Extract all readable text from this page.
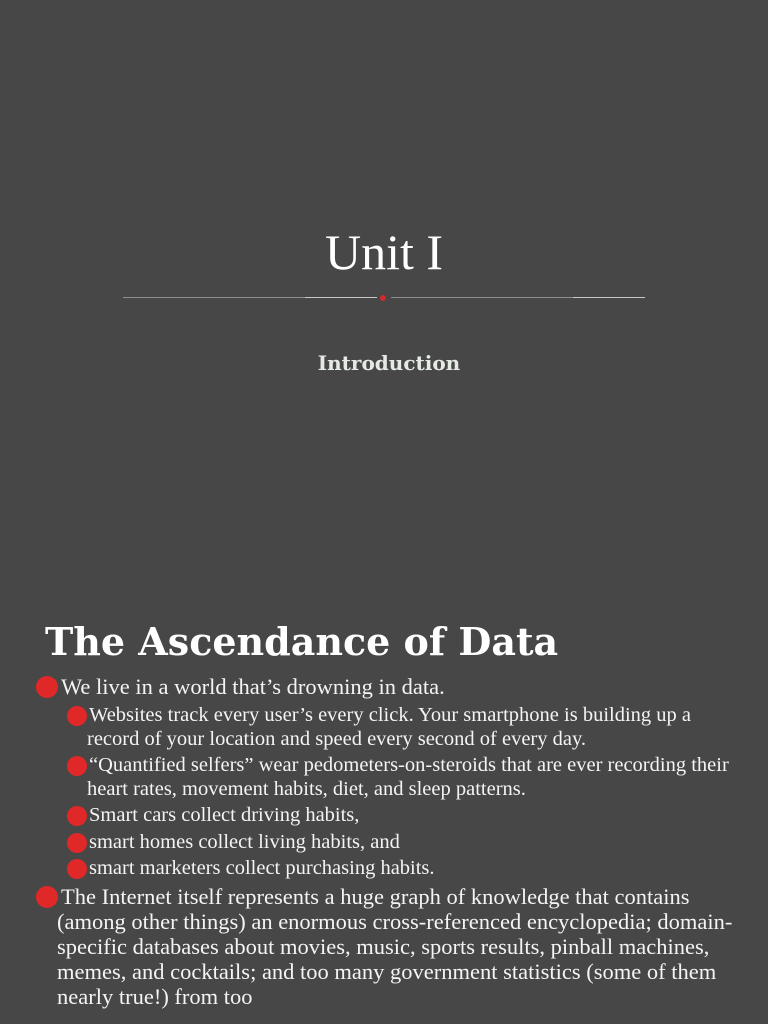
Unit I
Introduction
The Ascendance of Data
We live in a world that’s drowning in data.
Websites track every user’s every click. Your smartphone is building up a record of your location and speed every second of every day.
“Quantified selfers” wear pedometers-on-steroids that are ever recording their heart rates, movement habits, diet, and sleep patterns.
Smart cars collect driving habits,
smart homes collect living habits, and
smart marketers collect purchasing habits.
The Internet itself represents a huge graph of knowledge that contains (among other things) an enormous cross-referenced encyclopedia; domain-specific databases about movies, music, sports results, pinball machines, memes, and cocktails; and too many government statistics (some of them nearly true!) from too
